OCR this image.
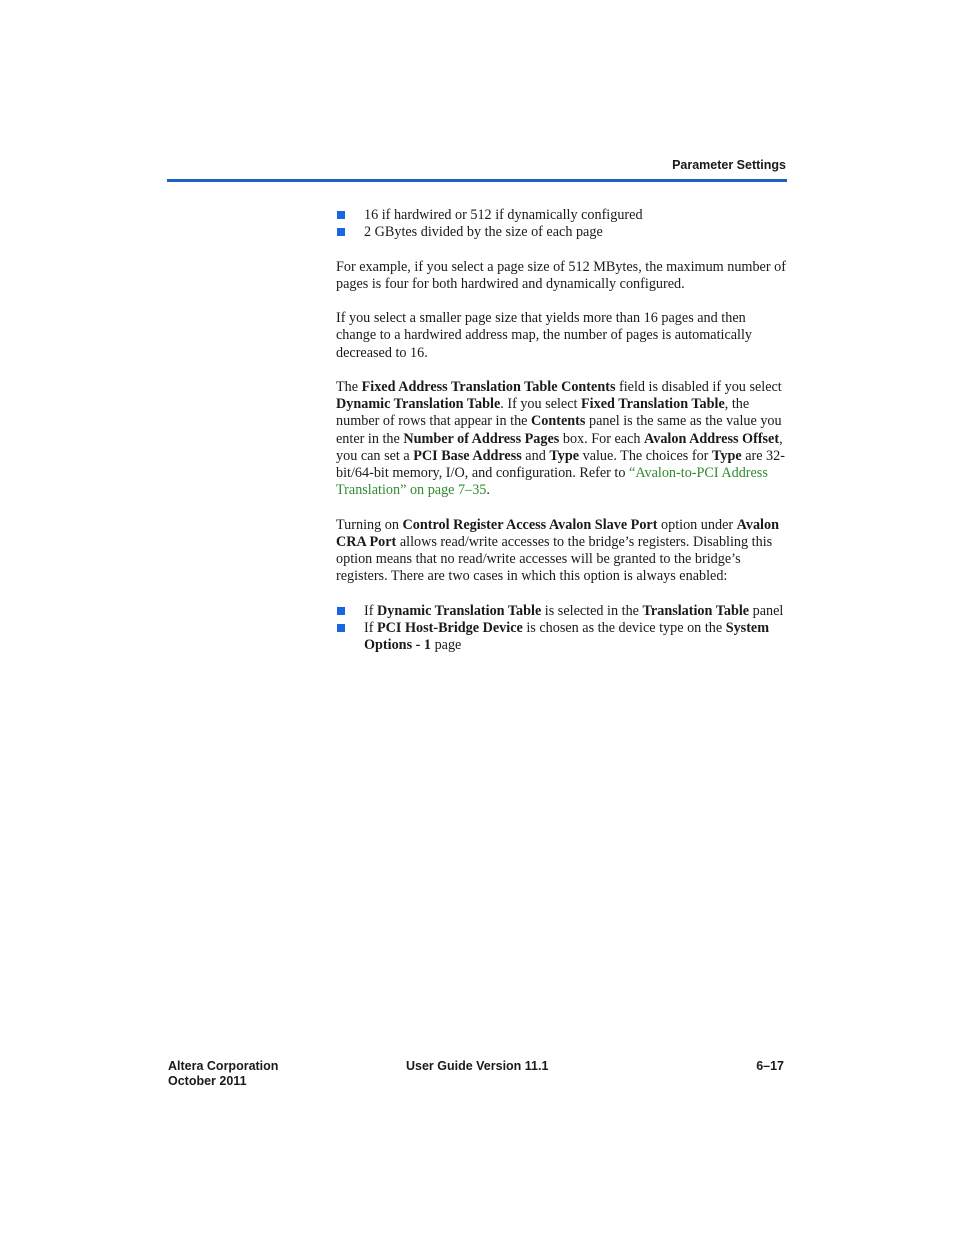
Parameter Settings
16 if hardwired or 512 if dynamically configured
2 GBytes divided by the size of each page

For example, if you select a page size of 512 MBytes, the maximum number of pages is four for both hardwired and dynamically configured.

If you select a smaller page size that yields more than 16 pages and then change to a hardwired address map, the number of pages is automatically decreased to 16.

The Fixed Address Translation Table Contents field is disabled if you select Dynamic Translation Table. If you select Fixed Translation Table, the number of rows that appear in the Contents panel is the same as the value you enter in the Number of Address Pages box. For each Avalon Address Offset, you can set a PCI Base Address and Type value. The choices for Type are 32-bit/64-bit memory, I/O, and configuration. Refer to “Avalon-to-PCI Address Translation” on page 7–35.

Turning on Control Register Access Avalon Slave Port option under Avalon CRA Port allows read/write accesses to the bridge’s registers. Disabling this option means that no read/write accesses will be granted to the bridge’s registers. There are two cases in which this option is always enabled:

If Dynamic Translation Table is selected in the Translation Table panel
If PCI Host-Bridge Device is chosen as the device type on the System Options - 1 page
Altera Corporation
October 2011
User Guide Version 11.1	6–17
